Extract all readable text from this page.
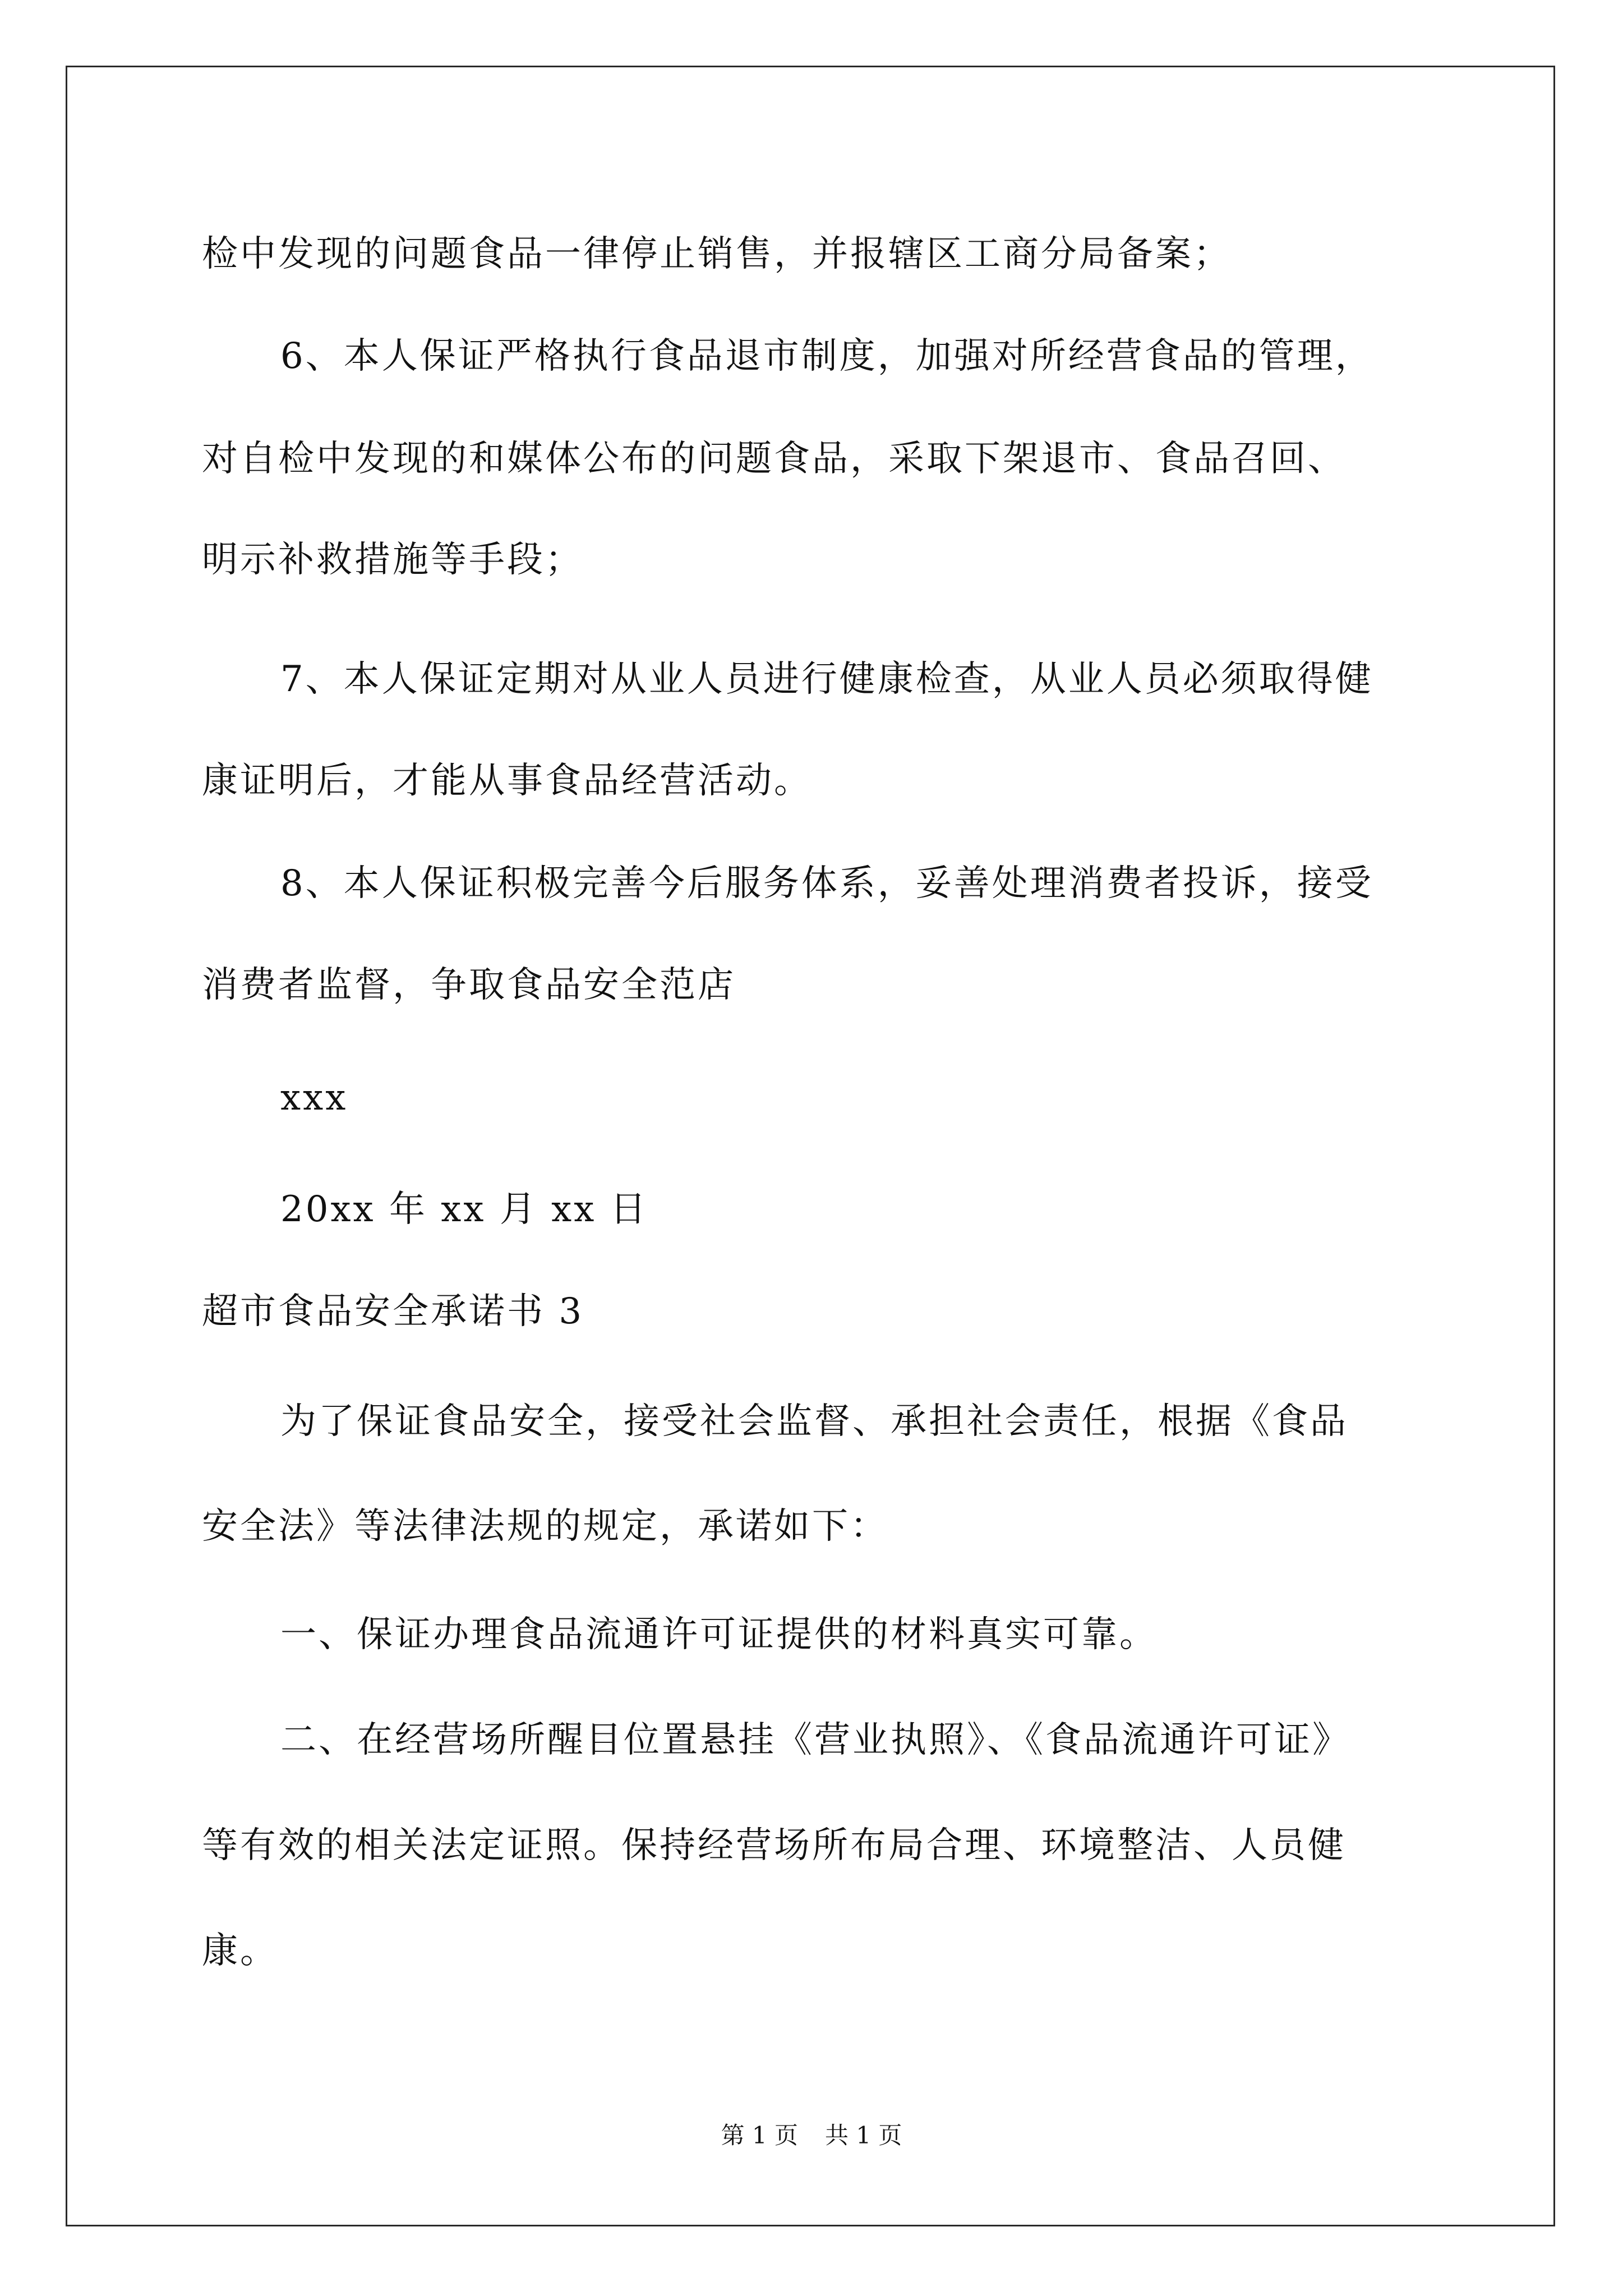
检中发现的问题食品一律停止销售，并报辖区工商分局备案；
6、本人保证严格执行食品退市制度，加强对所经营食品的管理，
对自检中发现的和媒体公布的问题食品，采取下架退市、食品召回、
明示补救措施等手段；
7、本人保证定期对从业人员进行健康检查，从业人员必须取得健
康证明后，才能从事食品经营活动。
8、本人保证积极完善今后服务体系，妥善处理消费者投诉，接受
消费者监督，争取食品安全范店
xxx
20xx 年 xx 月 xx 日
超市食品安全承诺书 3
为了保证食品安全，接受社会监督、承担社会责任，根据《食品
安全法》等法律法规的规定，承诺如下：
一、保证办理食品流通许可证提供的材料真实可靠。
二、在经营场所醒目位置悬挂《营业执照》、《食品流通许可证》
等有效的相关法定证照。保持经营场所布局合理、环境整洁、人员健
康。
第 1 页 共 1 页
